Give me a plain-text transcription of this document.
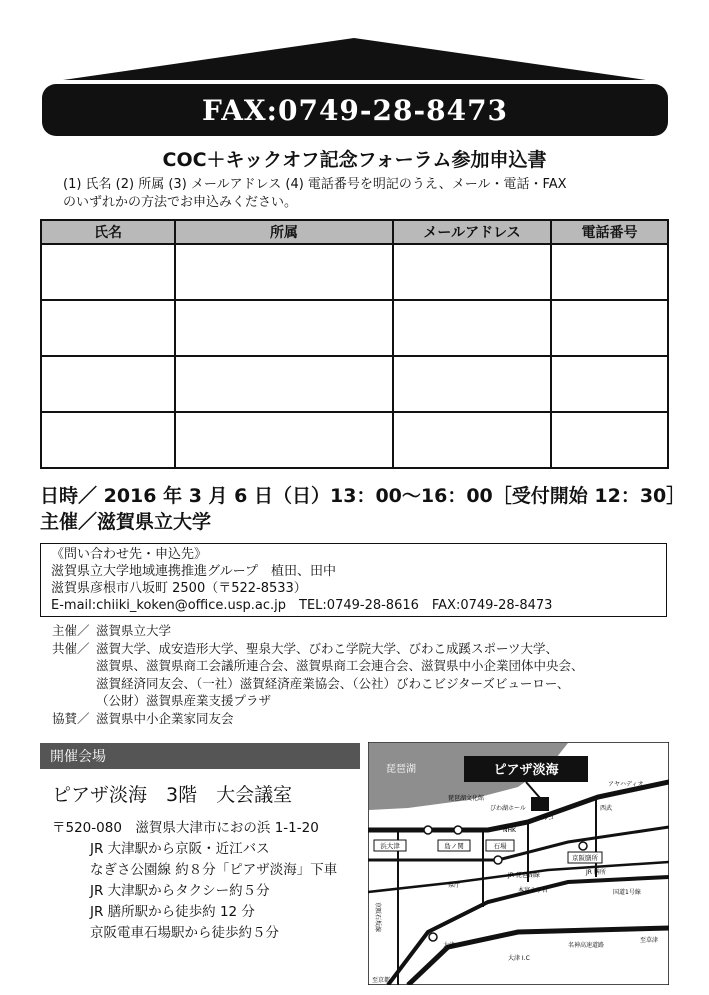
FAX:0749-28-8473
COC＋キックオフ記念フォーラム参加申込書
(1) 氏名 (2) 所属 (3) メールアドレス (4) 電話番号を明記のうえ、メール・電話・FAX
のいずれかの方法でお申込みください。
氏名	所属	メールアドレス	電話番号

日時／ 2016 年 3 月 6 日（日）13：00〜16：00［受付開始 12：30］
主催／滋賀県立大学
《問い合わせ先・申込先》
滋賀県立大学地域連携推進グループ　植田、田中
滋賀県彦根市八坂町 2500（〒522-8533）
E-mail:chiiki_koken@office.usp.ac.jp　TEL:0749-28-8616　FAX:0749-28-8473
主催／ 滋賀県立大学
共催／ 滋賀大学、成安造形大学、聖泉大学、びわこ学院大学、びわこ成蹊スポーツ大学、
滋賀県、滋賀県商工会議所連合会、滋賀県商工会連合会、滋賀県中小企業団体中央会、
滋賀経済同友会、（一社）滋賀経済産業協会、（公社）びわこビジターズビューロー、
（公財）滋賀県産業支援プラザ
協賛／ 滋賀県中小企業家同友会
開催会場
ピアザ淡海　3階　大会議室
〒520-080　滋賀県大津市におの浜 1-1-20
JR 大津駅から京阪・近江バス
なぎさ公園線 約８分「ピアザ淡海」下車
JR 大津駅からタクシー約５分
JR 膳所駅から徒歩約 12 分
京阪電車石場駅から徒歩約５分
琵琶湖	ピアザ淡海
琵琶湖文化館
びわ湖ホール
アヤハディオ
西武
NHK
パルコ
浜大津	島ノ関	石場
京阪膳所
JR 膳所
県庁
大津
国道1号線
至京都
至草津
名神高速道路
大津 I.C
京阪石坂線
本宮２丁目
JR 琵琶湖線
